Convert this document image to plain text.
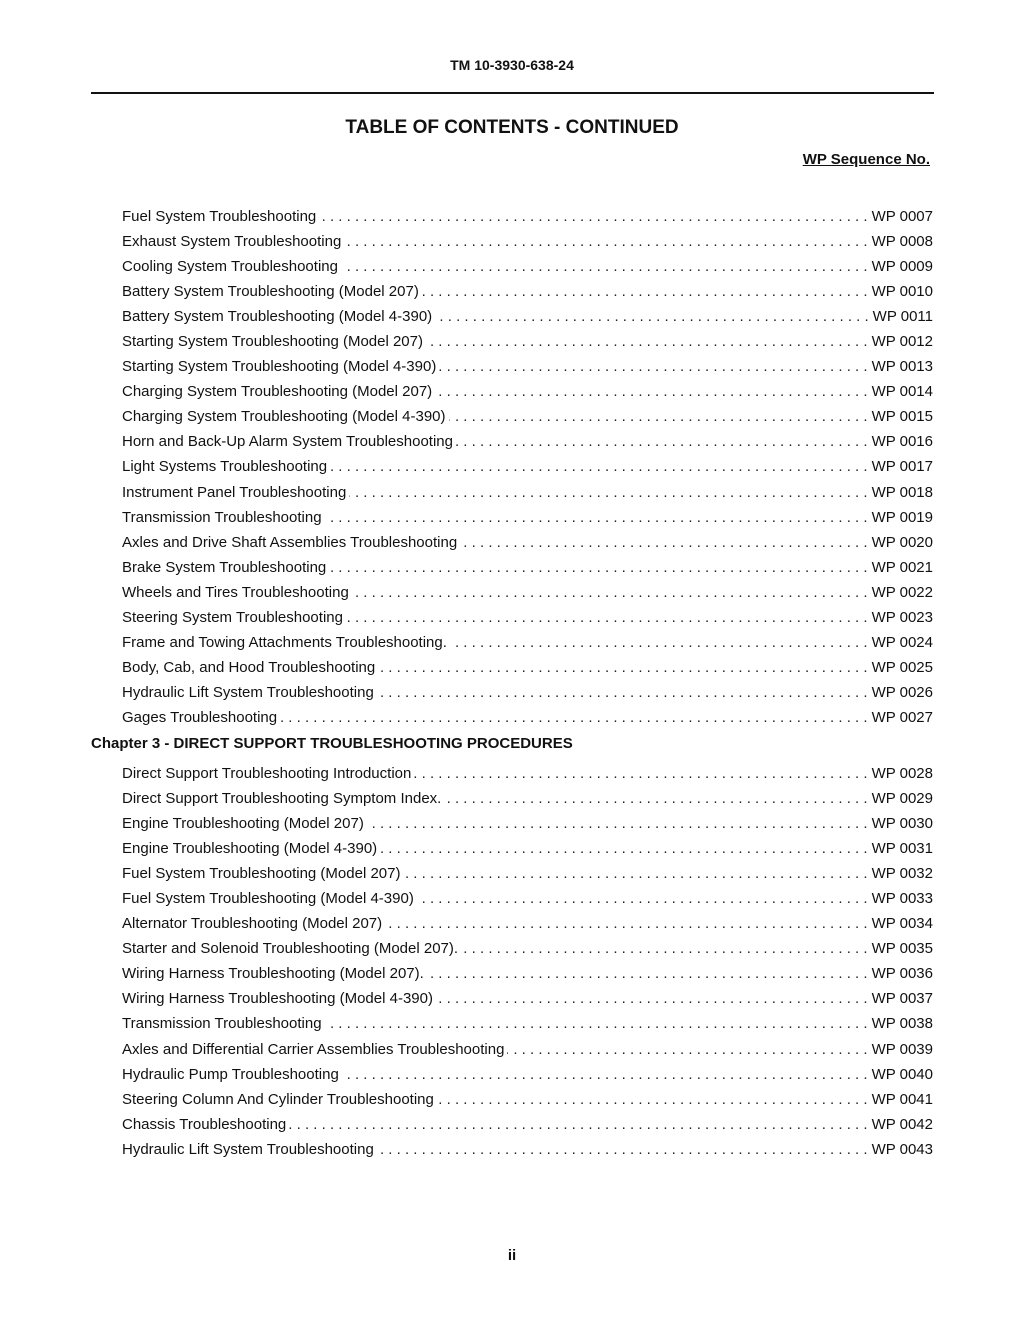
TM 10-3930-638-24
TABLE OF CONTENTS - CONTINUED
WP Sequence No.
Fuel System Troubleshooting . . .	WP 0007
Exhaust System Troubleshooting . . .	WP 0008
Cooling System Troubleshooting . . .	WP 0009
Battery System Troubleshooting (Model 207) . . .	WP 0010
Battery System Troubleshooting (Model 4-390) . . .	WP 0011
Starting System Troubleshooting (Model 207) . . .	WP 0012
Starting System Troubleshooting (Model 4-390) . . .	WP 0013
Charging System Troubleshooting (Model 207) . . .	WP 0014
Charging System Troubleshooting (Model 4-390) . . .	WP 0015
Horn and Back-Up Alarm System Troubleshooting . . .	WP 0016
Light Systems Troubleshooting . . .	WP 0017
Instrument Panel Troubleshooting . . .	WP 0018
Transmission Troubleshooting . . .	WP 0019
Axles and Drive Shaft Assemblies Troubleshooting . . .	WP 0020
Brake System Troubleshooting . . .	WP 0021
Wheels and Tires Troubleshooting . . .	WP 0022
Steering System Troubleshooting . . .	WP 0023
Frame and Towing Attachments Troubleshooting. . . .	WP 0024
Body, Cab, and Hood Troubleshooting . . .	WP 0025
Hydraulic Lift System Troubleshooting . . .	WP 0026
Gages Troubleshooting . . .	WP 0027
Chapter 3 - DIRECT SUPPORT TROUBLESHOOTING PROCEDURES
Direct Support Troubleshooting Introduction . . .	WP 0028
Direct Support Troubleshooting Symptom Index. . . .	WP 0029
Engine Troubleshooting (Model 207) . . .	WP 0030
Engine Troubleshooting (Model 4-390) . . .	WP 0031
Fuel System Troubleshooting (Model 207) . . .	WP 0032
Fuel System Troubleshooting (Model 4-390) . . .	WP 0033
Alternator Troubleshooting (Model 207) . . .	WP 0034
Starter and Solenoid Troubleshooting (Model 207). . . .	WP 0035
Wiring Harness Troubleshooting (Model 207). . . .	WP 0036
Wiring Harness Troubleshooting (Model 4-390) . . .	WP 0037
Transmission Troubleshooting . . .	WP 0038
Axles and Differential Carrier Assemblies Troubleshooting . . .	WP 0039
Hydraulic Pump Troubleshooting . . .	WP 0040
Steering Column And Cylinder Troubleshooting . . .	WP 0041
Chassis Troubleshooting . . .	WP 0042
Hydraulic Lift System Troubleshooting . . .	WP 0043
ii
